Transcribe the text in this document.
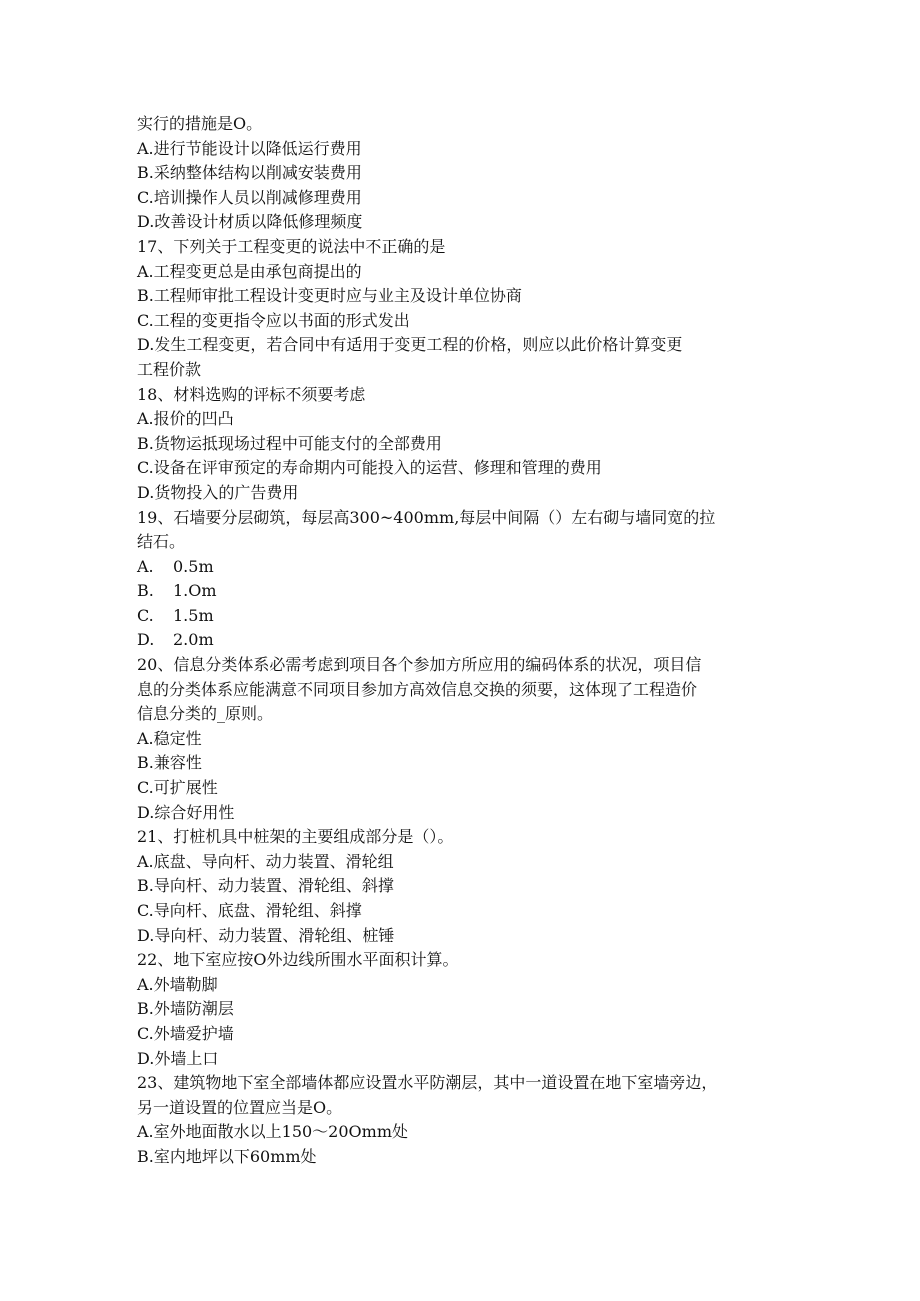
实行的措施是O。
A.进行节能设计以降低运行费用
B.采纳整体结构以削减安装费用
C.培训操作人员以削减修理费用
D.改善设计材质以降低修理频度
17、下列关于工程变更的说法中不正确的是
A.工程变更总是由承包商提出的
B.工程师审批工程设计变更时应与业主及设计单位协商
C.工程的变更指令应以书面的形式发出
D.发生工程变更，若合同中有适用于变更工程的价格，则应以此价格计算变更
工程价款
18、材料选购的评标不须要考虑
A.报价的凹凸
B.货物运抵现场过程中可能支付的全部费用
C.设备在评审预定的寿命期内可能投入的运营、修理和管理的费用
D.货物投入的广告费用
19、石墙要分层砌筑，每层高300~400mm,每层中间隔（）左右砌与墙同宽的拉
结石。
A. 0.5m
B. 1.Om
C. 1.5m
D. 2.0m
20、信息分类体系必需考虑到项目各个参加方所应用的编码体系的状况，项目信
息的分类体系应能满意不同项目参加方高效信息交换的须要，这体现了工程造价
信息分类的_原则。
A.稳定性
B.兼容性
C.可扩展性
D.综合好用性
21、打桩机具中桩架的主要组成部分是（）。
A.底盘、导向杆、动力装置、滑轮组
B.导向杆、动力装置、滑轮组、斜撑
C.导向杆、底盘、滑轮组、斜撑
D.导向杆、动力装置、滑轮组、桩锤
22、地下室应按O外边线所围水平面积计算。
A.外墙勒脚
B.外墙防潮层
C.外墙爱护墙
D.外墙上口
23、建筑物地下室全部墙体都应设置水平防潮层，其中一道设置在地下室墙旁边，
另一道设置的位置应当是O。
A.室外地面散水以上150～20Omm处
B.室内地坪以下60mm处
